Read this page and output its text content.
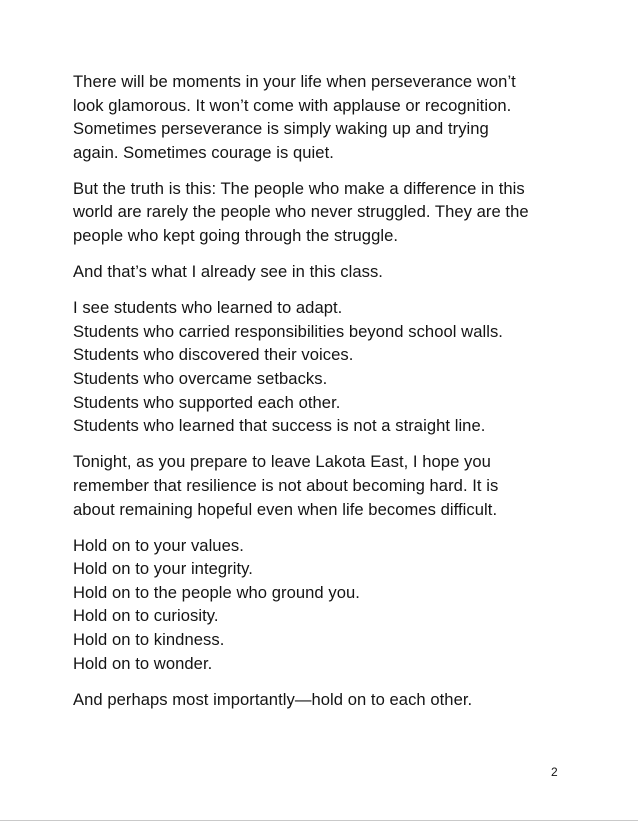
There will be moments in your life when perseverance won’t
look glamorous. It won’t come with applause or recognition.
Sometimes perseverance is simply waking up and trying
again. Sometimes courage is quiet.

But the truth is this: The people who make a difference in this
world are rarely the people who never struggled. They are the
people who kept going through the struggle.

And that’s what I already see in this class.

I see students who learned to adapt.
Students who carried responsibilities beyond school walls.
Students who discovered their voices.
Students who overcame setbacks.
Students who supported each other.
Students who learned that success is not a straight line.

Tonight, as you prepare to leave Lakota East, I hope you
remember that resilience is not about becoming hard. It is
about remaining hopeful even when life becomes difficult.

Hold on to your values.
Hold on to your integrity.
Hold on to the people who ground you.
Hold on to curiosity.
Hold on to kindness.
Hold on to wonder.

And perhaps most importantly—hold on to each other.

2
